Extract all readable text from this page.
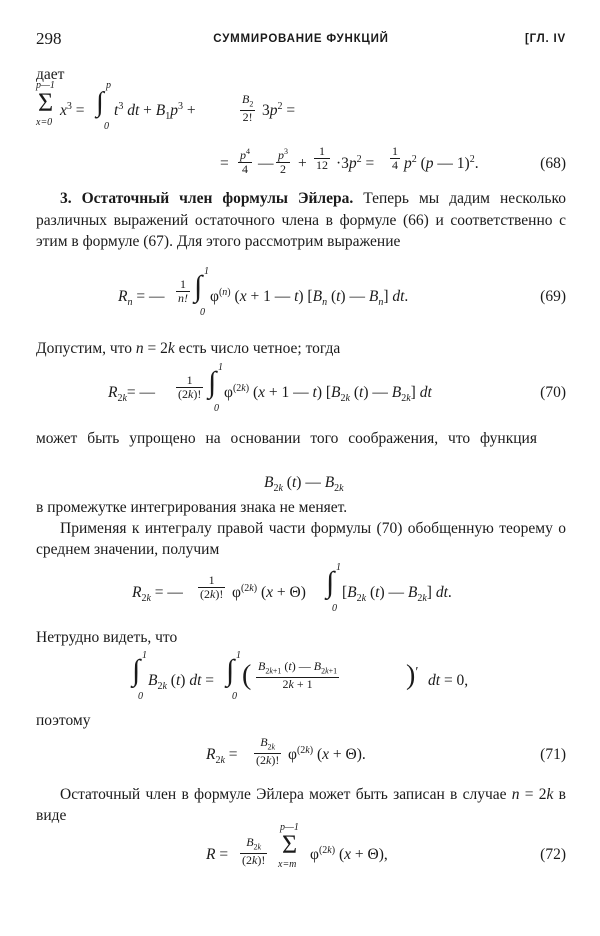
298	СУММИРОВАНИЕ ФУНКЦИЙ	[ГЛ. IV
дает
Σ
p—1
x=0
$x^3$ = ∫
p
0
$t^3$ dt + $B_1p^3$ +	$\frac{B_2}{2!} 3p^2$ =
= $\frac{p^4}{4}$ — $\frac{p^3}{2} + \frac{1}{12} \cdot 3p^2 = \frac{1}{4} p^2$ (p — 1)$^2$.	(68)
3. Остаточный член формулы Эйлера. Теперь мы дадим несколько различных выражений остаточного члена в формуле (66) и соответственно с этим в формуле (67). Для этого рассмотрим выражение
$R_n$ = — $\frac{1}{n!}$ ∫ 1
0
$\varphi^{(n)}$ (x + 1 — t) [$B_n$ (t) — $B_n$] dt.	(69)
Допустим, что n = 2k есть число четное; тогда
$R_{2k}=$ — $\frac{1}{(2k)!}$ ∫ 1
0
$\varphi^{(2k)}$ (x + 1 — t) [$B_{2k}$ (t) — $B_{2k}$] dt	(70)
может быть упрощено на основании того соображения, что функция
$B_{2k}$ (t) — $B_{2k}$
в промежутке интегрирования знака не меняет.
Применяя к интегралу правой части формулы (70) обобщенную теорему о среднем значении, получим
$R_{2k}$ = — $\frac{1}{(2k)!} \varphi^{(2k)}$ (x + Θ) ∫ 1
0
[$B_{2k}$ (t) — $B_{2k}$] dt.
Нетрудно видеть, что
∫ 1
0
$B_{2k}$ (t) dt = ∫ 1
0
( $\frac{B_{2k+1} (t) — B_{2k+1}}{2k + 1}$ )′ dt = 0,
поэтому
$R_{2k} = \frac{B_{2k}}{(2k)!} \varphi^{(2k)}$ (x + Θ).	(71)
Остаточный член в формуле Эйлера может быть записан в случае n = 2k в виде
$R = \frac{B_{2k}}{(2k)!}$ Σ
p—1
x=m
$\varphi^{(2k)}$ (x + Θ),	(72)
